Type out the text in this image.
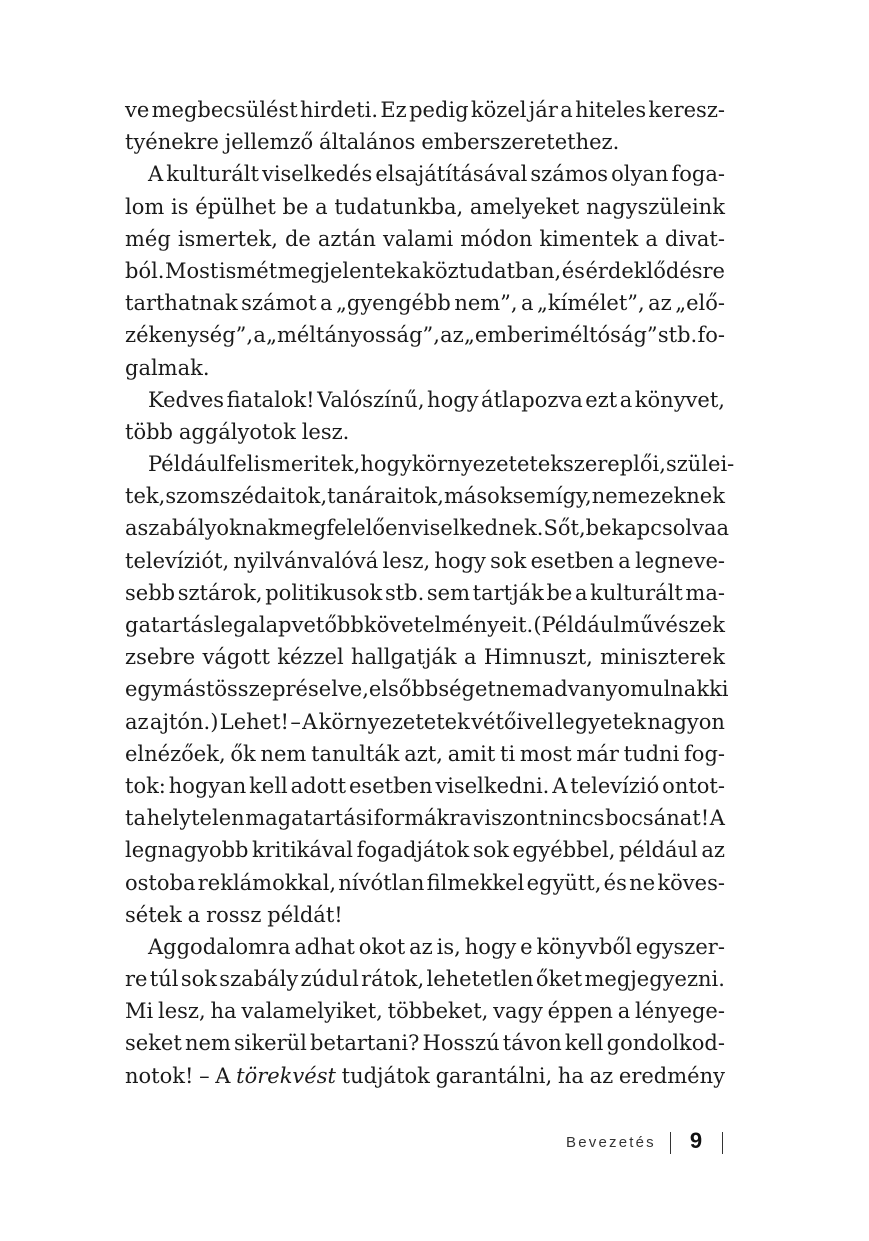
ve megbecsülést hirdeti. Ez pedig közel jár a hiteles keresz-
tyénekre jellemző általános emberszeretethez.
A kulturált viselkedés elsajátításával számos olyan foga-
lom is épülhet be a tudatunkba, amelyeket nagyszüleink
még ismertek, de aztán valami módon kimentek a divat-
ból. Most ismét megjelentek a köztudatban, és érdeklődésre
tarthatnak számot a „gyengébb nem”, a „kímélet”, az „elő-
zékenység”, a „méltányosság”, az „emberi méltóság” stb. fo-
galmak.
Kedves fiatalok! Valószínű, hogy átlapozva ezt a könyvet,
több aggályotok lesz.
Például felismeritek, hogy környezetetek szereplői, szülei-
tek, szomszédaitok, tanáraitok, mások sem így, nem ezeknek
a szabályoknak megfelelően viselkednek. Sőt, bekapcsolva a
televíziót, nyilvánvalóvá lesz, hogy sok esetben a legneve-
sebb sztárok, politikusok stb. sem tartják be a kulturált ma-
gatartás legalapvetőbb követelményeit. (Például művészek
zsebre vágott kézzel hallgatják a Himnuszt, miniszterek
egymást összepréselve, elsőbbséget nem adva nyomulnak ki
az ajtón.) Lehet! – A környezetetek vétőivel legyetek nagyon
elnézőek, ők nem tanulták azt, amit ti most már tudni fog-
tok: hogyan kell adott esetben viselkedni. A televízió ontot-
ta helytelen magatartási formákra viszont nincs bocsánat! A
legnagyobb kritikával fogadjátok sok egyébbel, például az
ostoba reklámokkal, nívótlan filmekkel együtt, és ne köves-
sétek a rossz példát!
Aggodalomra adhat okot az is, hogy e könyvből egyszer-
re túl sok szabály zúdul rátok, lehetetlen őket megjegyezni.
Mi lesz, ha valamelyiket, többeket, vagy éppen a lényege-
seket nem sikerül betartani? Hosszú távon kell gondolkod-
notok! – A törekvést tudjátok garantálni, ha az eredmény
Bevezetés	9
